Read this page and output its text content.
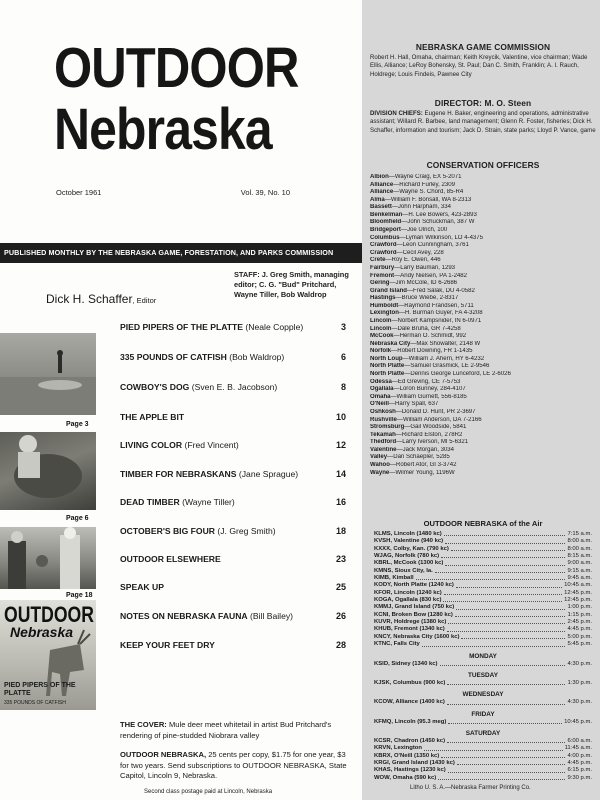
OUTDOOR
Nebraska
October 1961	Vol. 39, No. 10
PUBLISHED MONTHLY BY THE NEBRASKA GAME, FORESTATION, AND PARKS COMMISSION
STAFF: J. Greg Smith, managing editor; C. G. "Bud" Pritchard, Wayne Tiller, Bob Waldrop
Dick H. Schaffer, Editor
Page 3
Page 6
Page 18
OUTDOOR
Nebraska
PIED PIPERS OF THE PLATTE
335 POUNDS OF CATFISH
PIED PIPERS OF THE PLATTE (Neale Copple)	3
335 POUNDS OF CATFISH (Bob Waldrop)	6
COWBOY'S DOG (Sven E. B. Jacobson)	8
THE APPLE BIT	10
LIVING COLOR (Fred Vincent)	12
TIMBER FOR NEBRASKANS (Jane Sprague)	14
DEAD TIMBER (Wayne Tiller)	16
OCTOBER'S BIG FOUR (J. Greg Smith)	18
OUTDOOR ELSEWHERE	23
SPEAK UP	25
NOTES ON NEBRASKA FAUNA (Bill Bailey)	26
KEEP YOUR FEET DRY	28
THE COVER: Mule deer meet whitetail in artist Bud Pritchard's rendering of pine-studded Niobrara valley
OUTDOOR NEBRASKA, 25 cents per copy, $1.75 for one year, $3 for two years. Send subscriptions to OUTDOOR NEBRASKA, State Capitol, Lincoln 9, Nebraska.
Second class postage paid at Lincoln, Nebraska
NEBRASKA GAME COMMISSION
Robert H. Hall, Omaha, chairman; Keith Kreycik, Valentine, vice chairman; Wade Ellis, Alliance; LeRoy Bohensky, St. Paul; Dan C. Smith, Franklin; A. I. Rauch, Holdrege; Louis Findeis, Pawnee City
DIRECTOR: M. O. Steen
DIVISION CHIEFS: Eugene H. Baker, engineering and operations, administrative assistant; Willard R. Barbee, land management; Glenn R. Foster, fisheries; Dick H. Schaffer, information and tourism; Jack D. Strain, state parks; Lloyd P. Vance, game
CONSERVATION OFFICERS
Albion—Wayne Craig, EX 5-2071
Alliance—Richard Furley, 2309
Alliance—Wayne S. Chord, 85-R4
Alma—William F. Bonsall, WA 8-2313
Bassett—John Harpham, 334
Benkelman—H. Lee Bowers, 423-2893
Bloomfield—John Schuckman, 387 W
Bridgeport—Joe Ulrich, 100
Columbus—Lyman Wilkinson, LO 4-4375
Crawford—Leon Cunningham, 3761
Crawford—Cecil Avey, 228
Crete—Roy E. Owen, 446
Fairbury—Larry Bauman, 1293
Fremont—Andy Nielsen, PA 1-2482
Gering—Jim McCole, ID 6-2686
Grand Island—Fred Salak, DU 4-0582
Hastings—Bruce Wiebe, 2-8317
Humboldt—Raymond Frandsen, 5711
Lexington—H. Burman Guyer, FA 4-3208
Lincoln—Norbert Kampsnider, IN 6-0971
Lincoln—Dale Bruha, GR 7-4258
McCook—Herman O. Schmidt, 992
Nebraska City—Max Showalter, 2148 W
Norfolk—Robert Downing, FR 1-1435
North Loup—William J. Ahern, HY 6-4232
North Platte—Samuel Grasmick, LE 2-9546
North Platte—Dennis George Lunceford, LE 2-6026
Odessa—Ed Greving, CE 7-5753
Ogallala—Loron Bunney, 284-4107
Omaha—William Gurnett, 556-8185
O'Neill—Harry Spall, 637
Oshkosh—Donald D. Hunt, PR 2-3697
Rushville—William Anderson, DA 7-2166
Stromsburg—Gail Woodside, 5841
Tekamah—Richard Elston, 278R2
Thedford—Larry Iverson, MI 5-6321
Valentine—Jack Morgan, 3034
Valley—Dan Schaepler, 5285
Wahoo—Robert Ator, GI 3-3742
Wayne—Wilmer Young, 1196W
OUTDOOR NEBRASKA of the Air
KLMS, Lincoln (1480 kc)	7:15 a.m.
KVSH, Valentine (940 kc)	8:00 a.m.
KXXX, Colby, Kan. (790 kc)	8:00 a.m.
WJAG, Norfolk (780 kc)	8:15 a.m.
KBRL, McCook (1300 kc)	9:00 a.m.
KMNS, Sioux City, Ia.	9:15 a.m.
KIMB, Kimball	9:45 a.m.
KODY, North Platte (1240 kc)	10:45 a.m.
KFOR, Lincoln (1240 kc)	12:45 p.m.
KOGA, Ogallala (830 kc)	12:45 p.m.
KMMJ, Grand Island (750 kc)	1:00 p.m.
KCNI, Broken Bow (1280 kc)	1:15 p.m.
KUVR, Holdrege (1380 kc)	2:45 p.m.
KHUB, Fremont (1340 kc)	4:45 p.m.
KNCY, Nebraska City (1600 kc)	5:00 p.m.
KTNC, Falls City	5:45 p.m.
MONDAY
KSID, Sidney (1340 kc)	4:30 p.m.
TUESDAY
KJSK, Columbus (900 kc)	1:30 p.m.
WEDNESDAY
KCOW, Alliance (1400 kc)	4:30 p.m.
FRIDAY
KFMQ, Lincoln (95.3 meg)	10:45 p.m.
SATURDAY
KCSR, Chadron (1450 kc)	6:00 a.m.
KRVN, Lexington	11:45 a.m.
KBRX, O'Neill (1350 kc)	4:00 p.m.
KRGI, Grand Island (1430 kc)	4:45 p.m.
KHAS, Hastings (1230 kc)	6:15 p.m.
WOW, Omaha (590 kc)	9:30 p.m.
Litho U. S. A.—Nebraska Farmer Printing Co.
